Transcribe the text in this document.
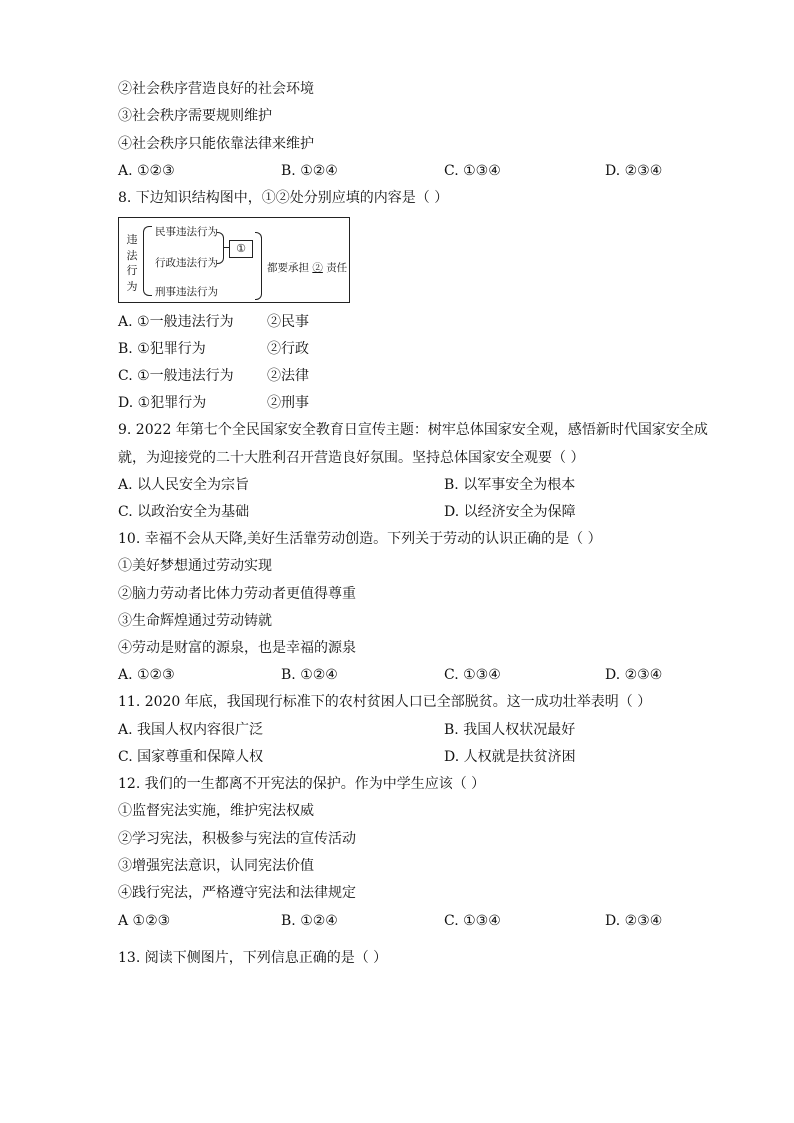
②社会秩序营造良好的社会环境
③社会秩序需要规则维护
④社会秩序只能依靠法律来维护
A. ①②③	B. ①②④	C. ①③④	D. ②③④
8. 下边知识结构图中，①②处分别应填的内容是（ ）
违
法
行
为
民事违法行为
行政违法行为
刑事违法行为
①
都要承担 ② 责任
A. ①一般违法行为 ②民事
B. ①犯罪行为	②行政
C. ①一般违法行为 ②法律
D. ①犯罪行为	②刑事
9. 2022 年第七个全民国家安全教育日宣传主题：树牢总体国家安全观，感悟新时代国家安全成
就，为迎接党的二十大胜利召开营造良好氛围。坚持总体国家安全观要（ ）
A. 以人民安全为宗旨	B. 以军事安全为根本
C. 以政治安全为基础	D. 以经济安全为保障
10. 幸福不会从天降,美好生活靠劳动创造。下列关于劳动的认识正确的是（ ）
①美好梦想通过劳动实现
②脑力劳动者比体力劳动者更值得尊重
③生命辉煌通过劳动铸就
④劳动是财富的源泉，也是幸福的源泉
A. ①②③	B. ①②④	C. ①③④	D. ②③④
11. 2020 年底，我国现行标准下的农村贫困人口已全部脱贫。这一成功壮举表明（ ）
A. 我国人权内容很广泛	B. 我国人权状况最好
C. 国家尊重和保障人权	D. 人权就是扶贫济困
12. 我们的一生都离不开宪法的保护。作为中学生应该（ ）
①监督宪法实施，维护宪法权威
②学习宪法，积极参与宪法的宣传活动
③增强宪法意识，认同宪法价值
④践行宪法，严格遵守宪法和法律规定
A ①②③	B. ①②④	C. ①③④	D. ②③④
13. 阅读下侧图片，下列信息正确的是（ ）
